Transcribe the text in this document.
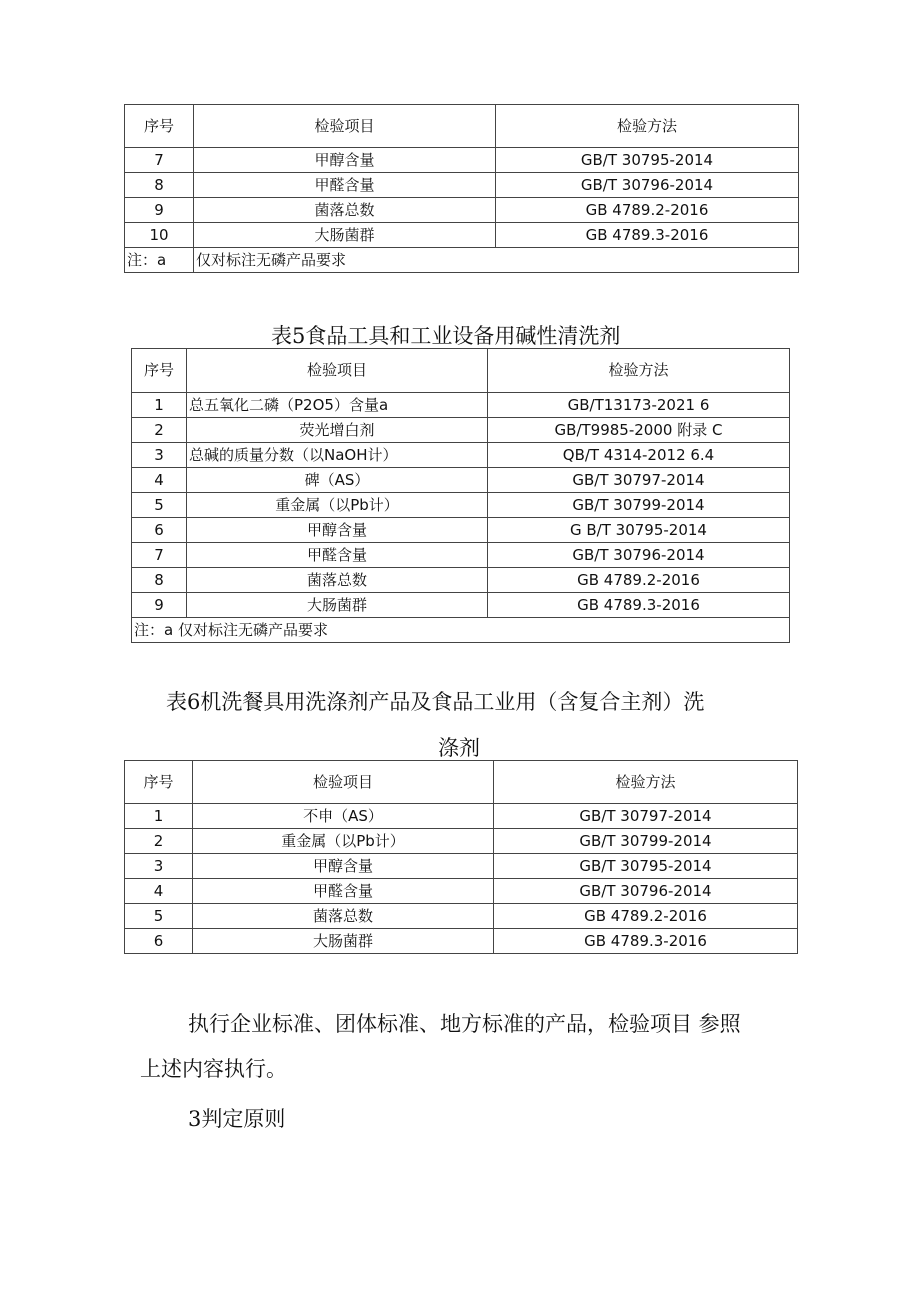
序号	检验项目	检验方法
7	甲醇含量	GB/T 30795-2014
8	甲醛含量	GB/T 30796-2014
9	菌落总数	GB 4789.2-2016
10	大肠菌群	GB 4789.3-2016
注：a	仅对标注无磷产品要求	
表5食品工具和工业设备用碱性清洗剂
序号	检验项目	检验方法
1	总五氧化二磷（P2O5）含量a	GB/T13173-2021 6
2	荧光增白剂	GB/T9985-2000 附录 C
3	总碱的质量分数（以NaOH计）	QB/T 4314-2012 6.4
4	碑（AS）	GB/T 30797-2014
5	重金属（以Pb计）	GB/T 30799-2014
6	甲醇含量	G B/T 30795-2014
7	甲醛含量	GB/T 30796-2014
8	菌落总数	GB 4789.2-2016
9	大肠菌群	GB 4789.3-2016
注：a 仅对标注无磷产品要求		
表6机洗餐具用洗涤剂产品及食品工业用（含复合主剂）洗
涤剂
序号	检验项目	检验方法
1	不申（AS）	GB/T 30797-2014
2	重金属（以Pb计）	GB/T 30799-2014
3	甲醇含量	GB/T 30795-2014
4	甲醛含量	GB/T 30796-2014
5	菌落总数	GB 4789.2-2016
6	大肠菌群	GB 4789.3-2016
执行企业标准、团体标准、地方标准的产品，检验项目 参照
上述内容执行。
3判定原则
